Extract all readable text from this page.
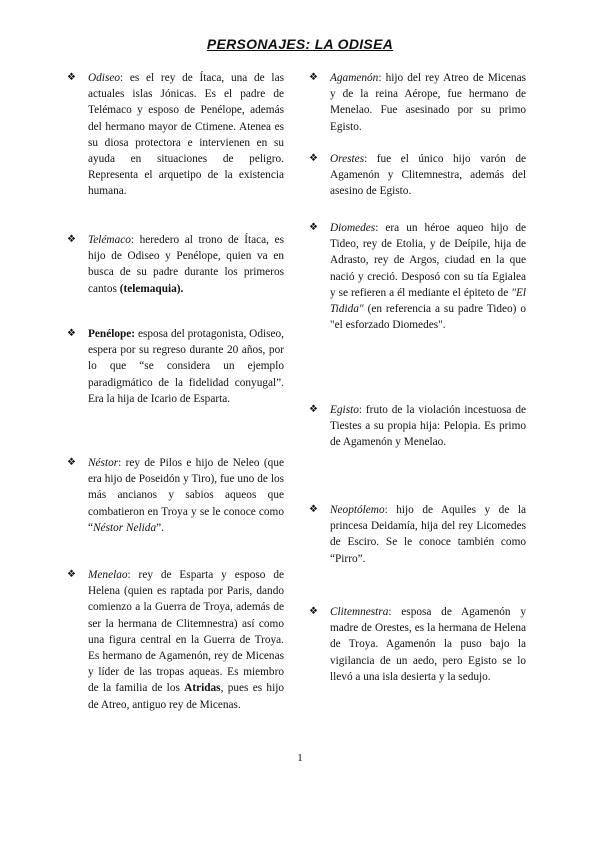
PERSONAJES: LA ODISEA
❖ Odiseo: es el rey de Ítaca, una de las actuales islas Jónicas. Es el padre de Telémaco y esposo de Penélope, además del hermano mayor de Ctimene. Atenea es su diosa protectora e intervienen en su ayuda en situaciones de peligro. Representa el arquetipo de la existencia humana.
❖ Telémaco: heredero al trono de Ítaca, es hijo de Odiseo y Penélope, quien va en busca de su padre durante los primeros cantos (telemaquia).
❖ Penélope: esposa del protagonista, Odiseo, espera por su regreso durante 20 años, por lo que “se considera un ejemplo paradigmático de la fidelidad conyugal”. Era la hija de Icario de Esparta.
❖ Néstor: rey de Pilos e hijo de Neleo (que era hijo de Poseidón y Tiro), fue uno de los más ancianos y sabios aqueos que combatieron en Troya y se le conoce como “Néstor Nelida”.
❖ Menelao: rey de Esparta y esposo de Helena (quien es raptada por Paris, dando comienzo a la Guerra de Troya, además de ser la hermana de Clitemnestra) así como una figura central en la Guerra de Troya. Es hermano de Agamenón, rey de Micenas y líder de las tropas aqueas. Es miembro de la familia de los Atridas, pues es hijo de Atreo, antiguo rey de Micenas.
❖ Agamenón: hijo del rey Atreo de Micenas y de la reina Aérope, fue hermano de Menelao. Fue asesinado por su primo Egisto.
❖ Orestes: fue el único hijo varón de Agamenón y Clitemnestra, además del asesino de Egisto.
❖ Diomedes: era un héroe aqueo hijo de Tideo, rey de Etolia, y de Deípile, hija de Adrasto, rey de Argos, ciudad en la que nació y creció. Desposó con su tía Egialea y se refieren a él mediante el épiteto de "El Tidida" (en referencia a su padre Tideo) o "el esforzado Diomedes".
❖ Egisto: fruto de la violación incestuosa de Tiestes a su propia hija: Pelopia. Es primo de Agamenón y Menelao.
❖ Neoptólemo: hijo de Aquiles y de la princesa Deidamía, hija del rey Licomedes de Esciro. Se le conoce también como “Pirro”.
❖ Clitemnestra: esposa de Agamenón y madre de Orestes, es la hermana de Helena de Troya. Agamenón la puso bajo la vigilancia de un aedo, pero Egisto se lo llevó a una isla desierta y la sedujo.
1
